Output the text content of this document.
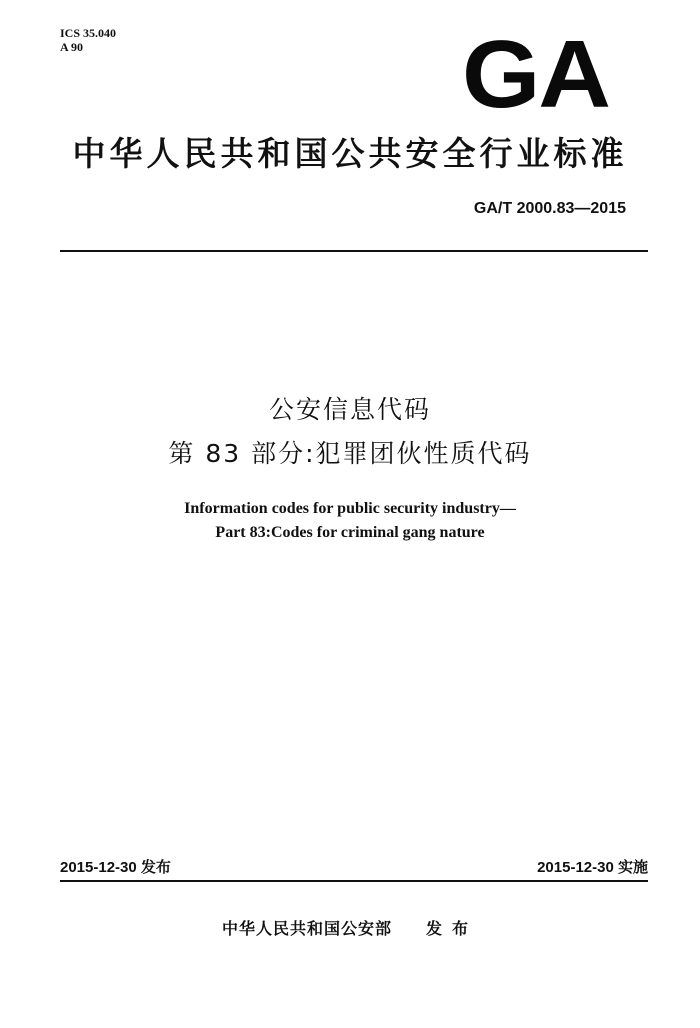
ICS 35.040
A 90	GA
中华人民共和国公共安全行业标准
GA/T 2000.83—2015
公安信息代码
第 83 部分:犯罪团伙性质代码
Information codes for public security industry—
Part 83:Codes for criminal gang nature
2015-12-30 发布	2015-12-30 实施
中华人民共和国公安部 发布
